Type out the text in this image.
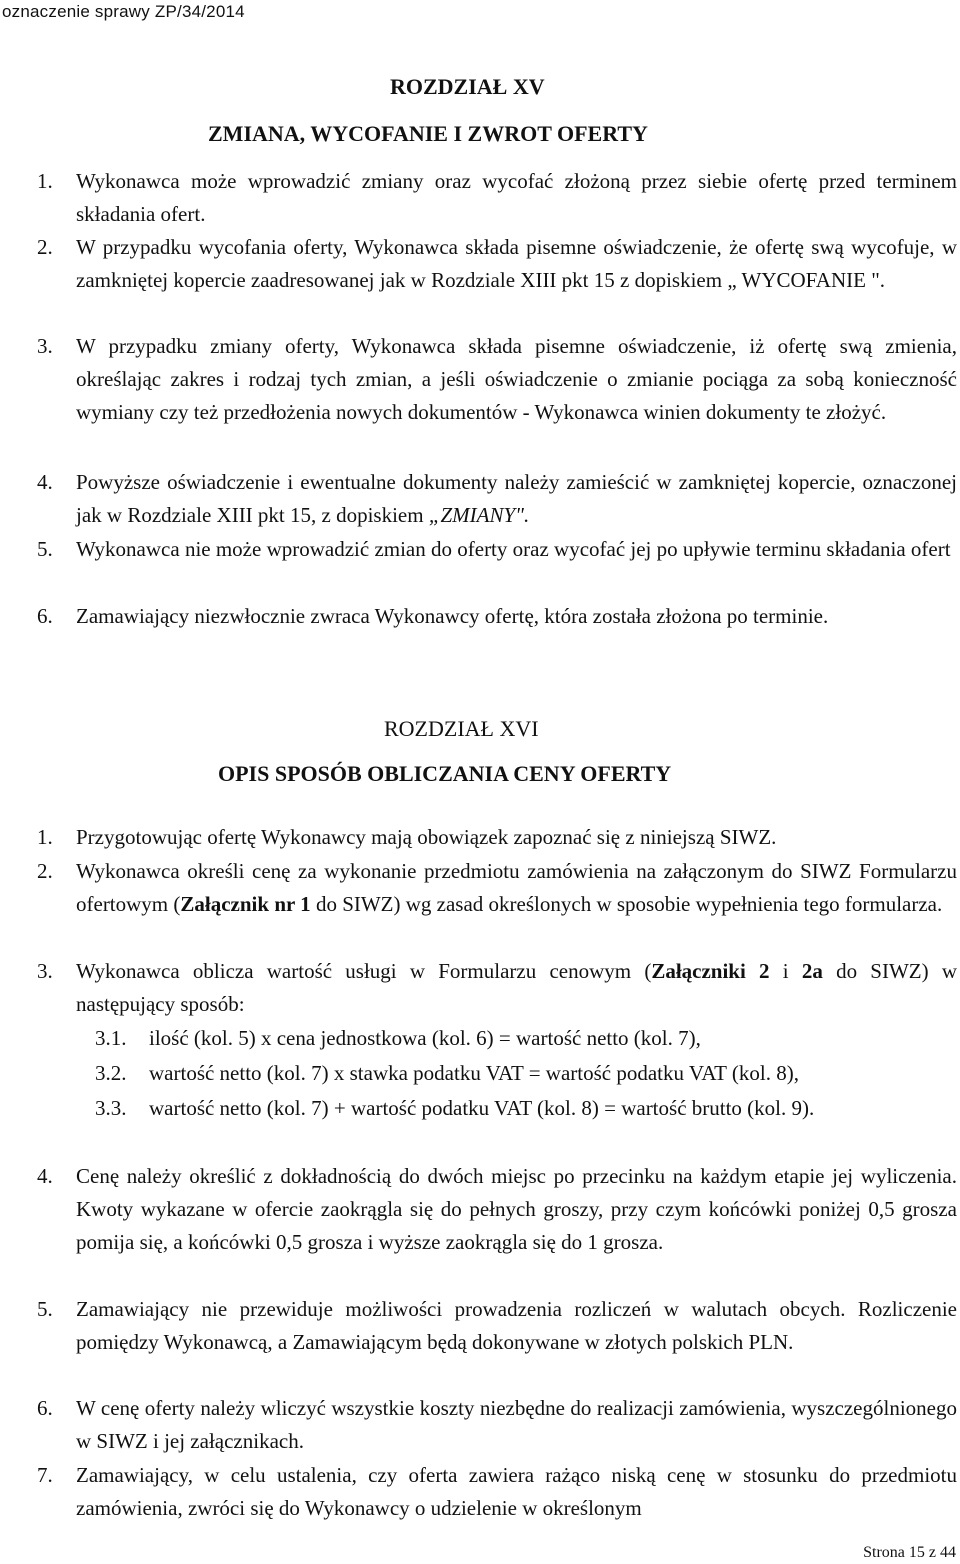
oznaczenie sprawy ZP/34/2014
ROZDZIAŁ XV
ZMIANA, WYCOFANIE I ZWROT OFERTY
1.	Wykonawca może wprowadzić zmiany oraz wycofać złożoną przez siebie ofertę przed terminem składania ofert.
2.	W przypadku wycofania oferty, Wykonawca składa pisemne oświadczenie, że ofertę swą wycofuje, w zamkniętej kopercie zaadresowanej jak w Rozdziale XIII pkt 15 z dopiskiem „ WYCOFANIE ".
3.	W przypadku zmiany oferty, Wykonawca składa pisemne oświadczenie, iż ofertę swą zmienia, określając zakres i rodzaj tych zmian, a jeśli oświadczenie o zmianie pociąga za sobą konieczność wymiany czy też przedłożenia nowych dokumentów - Wykonawca winien dokumenty te złożyć.
4.	Powyższe oświadczenie i ewentualne dokumenty należy zamieścić w zamkniętej kopercie, oznaczonej jak w Rozdziale XIII pkt 15, z dopiskiem „ZMIANY".
5.	Wykonawca nie może wprowadzić zmian do oferty oraz wycofać jej po upływie terminu składania ofert
6.	Zamawiający niezwłocznie zwraca Wykonawcy ofertę, która została złożona po terminie.
ROZDZIAŁ XVI
OPIS SPOSÓB OBLICZANIA CENY OFERTY
1.	Przygotowując ofertę Wykonawcy mają obowiązek zapoznać się z niniejszą SIWZ.
2.	Wykonawca określi cenę za wykonanie przedmiotu zamówienia na załączonym do SIWZ Formularzu ofertowym (Załącznik nr 1 do SIWZ) wg zasad określonych w sposobie wypełnienia tego formularza.
3.	Wykonawca oblicza wartość usługi w Formularzu cenowym (Załączniki 2 i 2a do SIWZ) w następujący sposób:
3.1.	ilość (kol. 5) x cena jednostkowa (kol. 6) = wartość netto (kol. 7),
3.2.	wartość netto (kol. 7) x stawka podatku VAT = wartość podatku VAT (kol. 8),
3.3.	wartość netto (kol. 7) + wartość podatku VAT (kol. 8) = wartość brutto (kol. 9).
4.	Cenę należy określić z dokładnością do dwóch miejsc po przecinku na każdym etapie jej wyliczenia. Kwoty wykazane w ofercie zaokrągla się do pełnych groszy, przy czym końcówki poniżej 0,5 grosza pomija się, a końcówki 0,5 grosza i wyższe zaokrągla się do 1 grosza.
5.	Zamawiający nie przewiduje możliwości prowadzenia rozliczeń w walutach obcych. Rozliczenie pomiędzy Wykonawcą, a Zamawiającym będą dokonywane w złotych polskich PLN.
6.	W cenę oferty należy wliczyć wszystkie koszty niezbędne do realizacji zamówienia, wyszczególnionego w SIWZ i jej załącznikach.
7.	Zamawiający, w celu ustalenia, czy oferta zawiera rażąco niską cenę w stosunku do przedmiotu zamówienia, zwróci się do Wykonawcy o udzielenie w określonym
Strona 15 z 44
